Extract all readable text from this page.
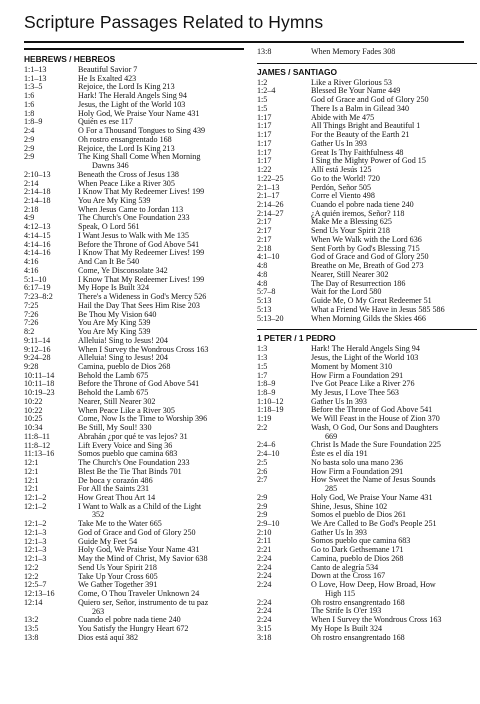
Scripture Passages Related to Hymns
HEBREWS / HEBREOS
1:1–13	Beautiful Savior 7
1:1–13	He Is Exalted 423
1:3–5	Rejoice, the Lord Is King 213
1:6	Hark! The Herald Angels Sing 94
1:6	Jesus, the Light of the World 103
1:8	Holy God, We Praise Your Name 431
1:8–9	Quién es ese 117
2:4	O For a Thousand Tongues to Sing 439
2:9	Oh rostro ensangrentado 168
2:9	Rejoice, the Lord Is King 213
2:9	The King Shall Come When Morning
Dawns 346
2:10–13	Beneath the Cross of Jesus 138
2:14	When Peace Like a River 305
2:14–18	I Know That My Redeemer Lives! 199
2:14–18	You Are My King 539
2:18	When Jesus Came to Jordan 113
4:9	The Church's One Foundation 233
4:12–13	Speak, O Lord 561
4:14–15	I Want Jesus to Walk with Me 135
4:14–16	Before the Throne of God Above 541
4:14–16	I Know That My Redeemer Lives! 199
4:16	And Can It Be 540
4:16	Come, Ye Disconsolate 342
5:1–10	I Know That My Redeemer Lives! 199
6:17–19	My Hope Is Built 324
7:23–8:2	There's a Wideness in God's Mercy 526
7:25	Hail the Day That Sees Him Rise 203
7:26	Be Thou My Vision 640
7:26	You Are My King 539
8:2	You Are My King 539
9:11–14	Alleluia! Sing to Jesus! 204
9:12–16	When I Survey the Wondrous Cross 163
9:24–28	Alleluia! Sing to Jesus! 204
9:28	Camina, pueblo de Dios 268
10:11–14	Behold the Lamb 675
10:11–18	Before the Throne of God Above 541
10:19–23	Behold the Lamb 675
10:22	Nearer, Still Nearer 302
10:22	When Peace Like a River 305
10:25	Come, Now Is the Time to Worship 396
10:34	Be Still, My Soul! 330
11:8–11	Abrahán ¿por qué te vas lejos? 31
11:8–12	Lift Every Voice and Sing 36
11:13–16	Somos pueblo que camina 683
12:1	The Church's One Foundation 233
12:1	Blest Be the Tie That Binds 701
12:1	De boca y corazón 486
12:1	For All the Saints 231
12:1–2	How Great Thou Art 14
12:1–2	I Want to Walk as a Child of the Light
352
12:1–2	Take Me to the Water 665
12:1–3	God of Grace and God of Glory 250
12:1–3	Guide My Feet 54
12:1–3	Holy God, We Praise Your Name 431
12:1–3	May the Mind of Christ, My Savior 638
12:2	Send Us Your Spirit 218
12:2	Take Up Your Cross 605
12:5–7	We Gather Together 391
12:13–16	Come, O Thou Traveler Unknown 24
12:14	Quiero ser, Señor, instrumento de tu paz
263
13:2	Cuando el pobre nada tiene 240
13:5	You Satisfy the Hungry Heart 672
13:8	Dios está aquí 382
13:8	When Memory Fades 308
JAMES / SANTIAGO
1:2	Like a River Glorious 53
1:2–4	Blessed Be Your Name 449
1:5	God of Grace and God of Glory 250
1:5	There Is a Balm in Gilead 340
1:17	Abide with Me 475
1:17	All Things Bright and Beautiful 1
1:17	For the Beauty of the Earth 21
1:17	Gather Us In 393
1:17	Great Is Thy Faithfulness 48
1:17	I Sing the Mighty Power of God 15
1:22	Allí está Jesús 125
1:22–25	Go to the World! 720
2:1–13	Perdón, Señor 505
2:1–17	Corre el Viento 498
2:14–26	Cuando el pobre nada tiene 240
2:14–27	¿A quién iremos, Señor? 118
2:17	Make Me a Blessing 625
2:17	Send Us Your Spirit 218
2:17	When We Walk with the Lord 636
2:18	Sent Forth by God's Blessing 715
4:1–10	God of Grace and God of Glory 250
4:8	Breathe on Me, Breath of God 273
4:8	Nearer, Still Nearer 302
4:8	The Day of Resurrection 186
5:7–8	Wait for the Lord 580
5:13	Guide Me, O My Great Redeemer 51
5:13	What a Friend We Have in Jesus 585 586
5:13–20	When Morning Gilds the Skies 466
1 PETER / 1 PEDRO
1:3	Hark! The Herald Angels Sing 94
1:3	Jesus, the Light of the World 103
1:5	Moment by Moment 310
1:7	How Firm a Foundation 291
1:8–9	I've Got Peace Like a River 276
1:8–9	My Jesus, I Love Thee 563
1:10–12	Gather Us In 393
1:18–19	Before the Throne of God Above 541
1:19	We Will Feast in the House of Zion 370
2:2	Wash, O God, Our Sons and Daughters
669
2:4–6	Christ Is Made the Sure Foundation 225
2:4–10	Éste es el día 191
2:5	No basta solo una mano 236
2:6	How Firm a Foundation 291
2:7	How Sweet the Name of Jesus Sounds
285
2:9	Holy God, We Praise Your Name 431
2:9	Shine, Jesus, Shine 102
2:9	Somos el pueblo de Dios 261
2:9–10	We Are Called to Be God's People 251
2:10	Gather Us In 393
2:11	Somos pueblo que camina 683
2:21	Go to Dark Gethsemane 171
2:24	Camina, pueblo de Dios 268
2:24	Canto de alegría 534
2:24	Down at the Cross 167
2:24	O Love, How Deep, How Broad, How
High 115
2:24	Oh rostro ensangrentado 168
2:24	The Strife Is O'er 193
2:24	When I Survey the Wondrous Cross 163
3:15	My Hope Is Built 324
3:18	Oh rostro ensangrentado 168
